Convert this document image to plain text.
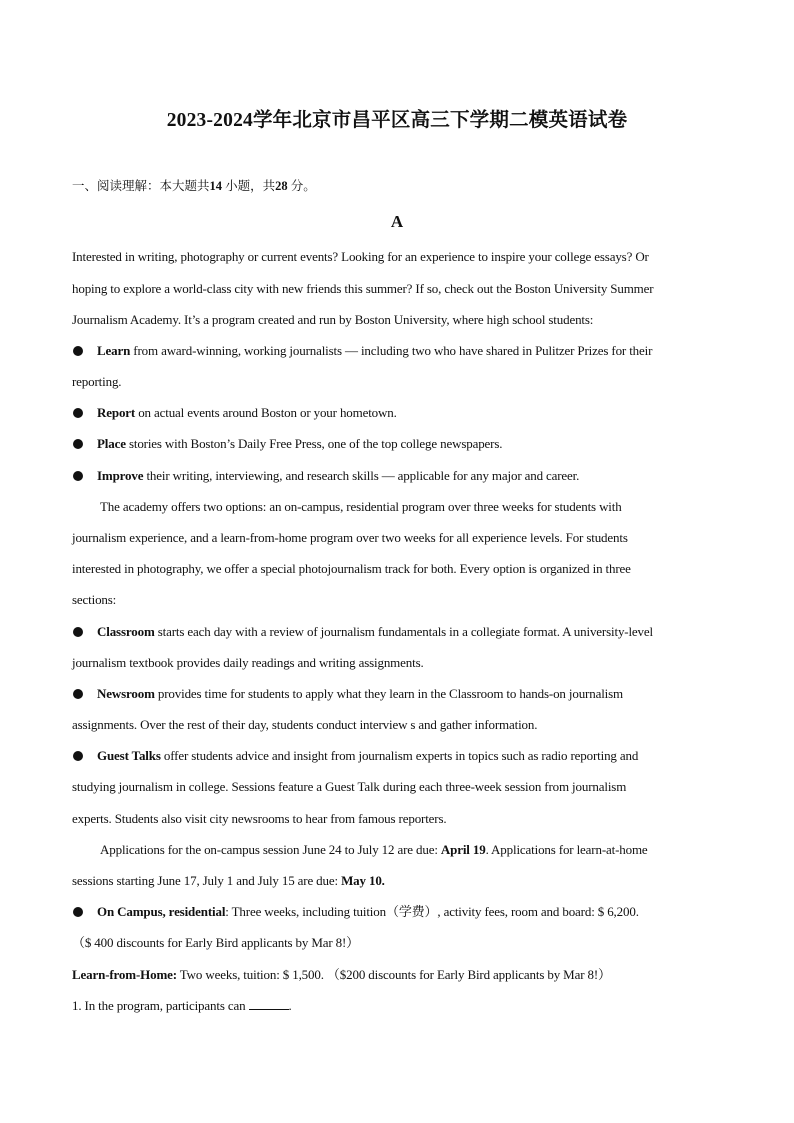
2023-2024学年北京市昌平区高三下学期二模英语试卷
一、阅读理解：本大题共14 小题，共28 分。
A
Interested in writing, photography or current events? Looking for an experience to inspire your college essays? Or
hoping to explore a world-class city with new friends this summer? If so, check out the Boston University Summer
Journalism Academy. It’s a program created and run by Boston University, where high school students:
Learn from award-winning, working journalists — including two who have shared in Pulitzer Prizes for their
reporting.
Report on actual events around Boston or your hometown.
Place stories with Boston’s Daily Free Press, one of the top college newspapers.
Improve their writing, interviewing, and research skills — applicable for any major and career.
The academy offers two options: an on-campus, residential program over three weeks for students with
journalism experience, and a learn-from-home program over two weeks for all experience levels. For students
interested in photography, we offer a special photojournalism track for both. Every option is organized in three
sections:
Classroom starts each day with a review of journalism fundamentals in a collegiate format. A university-level
journalism textbook provides daily readings and writing assignments.
Newsroom provides time for students to apply what they learn in the Classroom to hands-on journalism
assignments. Over the rest of their day, students conduct interview s and gather information.
Guest Talks offer students advice and insight from journalism experts in topics such as radio reporting and
studying journalism in college. Sessions feature a Guest Talk during each three-week session from journalism
experts. Students also visit city newsrooms to hear from famous reporters.
Applications for the on-campus session June 24 to July 12 are due: April 19. Applications for learn-at-home
sessions starting June 17, July 1 and July 15 are due: May 10.
On Campus, residential: Three weeks, including tuition（学费）, activity fees, room and board: $ 6,200.
（$ 400 discounts for Early Bird applicants by Mar 8!）
Learn-from-Home: Two weeks, tuition: $ 1,500. （$200 discounts for Early Bird applicants by Mar 8!）
1. In the program, participants can	.
